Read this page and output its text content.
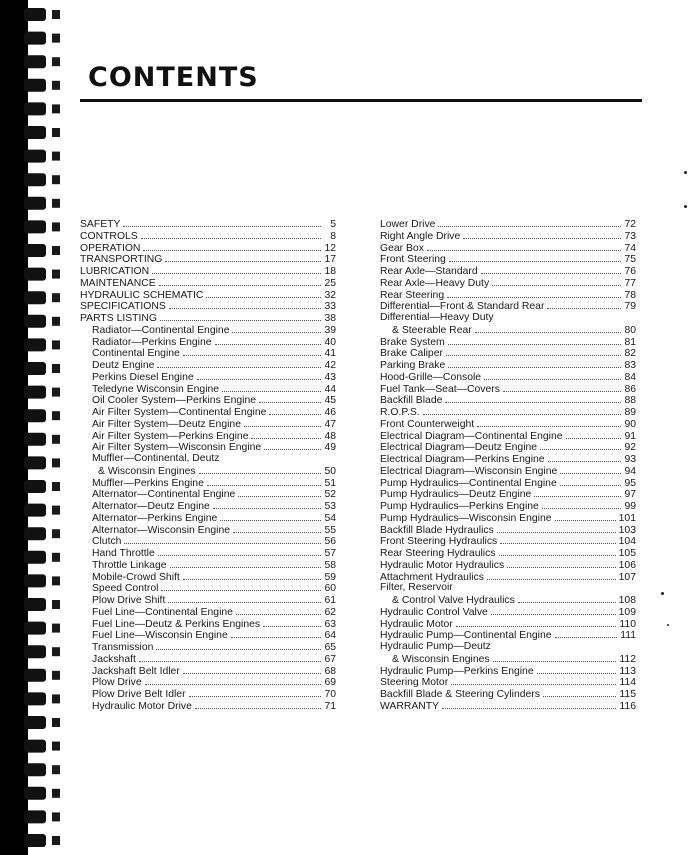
CONTENTS
SAFETY	5
CONTROLS	8
OPERATION	12
TRANSPORTING	17
LUBRICATION	18
MAINTENANCE	25
HYDRAULIC SCHEMATIC	32
SPECIFICATIONS	33
PARTS LISTING	38
Radiator—Continental Engine	39
Radiator—Perkins Engine	40
Continental Engine	41
Deutz Engine	42
Perkins Diesel Engine	43
Teledyne Wisconsin Engine	44
Oil Cooler System—Perkins Engine	45
Air Filter System—Continental Engine	46
Air Filter System—Deutz Engine	47
Air Filter System—Perkins Engine	48
Air Filter System—Wisconsin Engine	49
Muffler—Continental, Deutz
& Wisconsin Engines	50
Muffler—Perkins Engine	51
Alternator—Continental Engine	52
Alternator—Deutz Engine	53
Alternator—Perkins Engine	54
Alternator—Wisconsin Engine	55
Clutch	56
Hand Throttle	57
Throttle Linkage	58
Mobile-Crowd Shift	59
Speed Control	60
Plow Drive Shift	61
Fuel Line—Continental Engine	62
Fuel Line—Deutz & Perkins Engines	63
Fuel Line—Wisconsin Engine	64
Transmission	65
Jackshaft	67
Jackshaft Belt Idler	68
Plow Drive	69
Plow Drive Belt Idler	70
Hydraulic Motor Drive	71
Lower Drive	72
Right Angle Drive	73
Gear Box	74
Front Steering	75
Rear Axle—Standard	76
Rear Axle—Heavy Duty	77
Rear Steering	78
Differential—Front & Standard Rear	79
Differential—Heavy Duty
& Steerable Rear	80
Brake System	81
Brake Caliper	82
Parking Brake	83
Hood-Grille—Console	84
Fuel Tank—Seat—Covers	86
Backfill Blade	88
R.O.P.S.	89
Front Counterweight	90
Electrical Diagram—Continental Engine	91
Electrical Diagram—Deutz Engine	92
Electrical Diagram—Perkins Engine	93
Electrical Diagram—Wisconsin Engine	94
Pump Hydraulics—Continental Engine	95
Pump Hydraulics—Deutz Engine	97
Pump Hydraulics—Perkins Engine	99
Pump Hydraulics—Wisconsin Engine	101
Backfill Blade Hydraulics	103
Front Steering Hydraulics	104
Rear Steering Hydraulics	105
Hydraulic Motor Hydraulics	106
Attachment Hydraulics	107
Filter, Reservoir
& Control Valve Hydraulics	108
Hydraulic Control Valve	109
Hydraulic Motor	110
Hydraulic Pump—Continental Engine	111
Hydraulic Pump—Deutz
& Wisconsin Engines	112
Hydraulic Pump—Perkins Engine	113
Steering Motor	114
Backfill Blade & Steering Cylinders	115
WARRANTY	116
